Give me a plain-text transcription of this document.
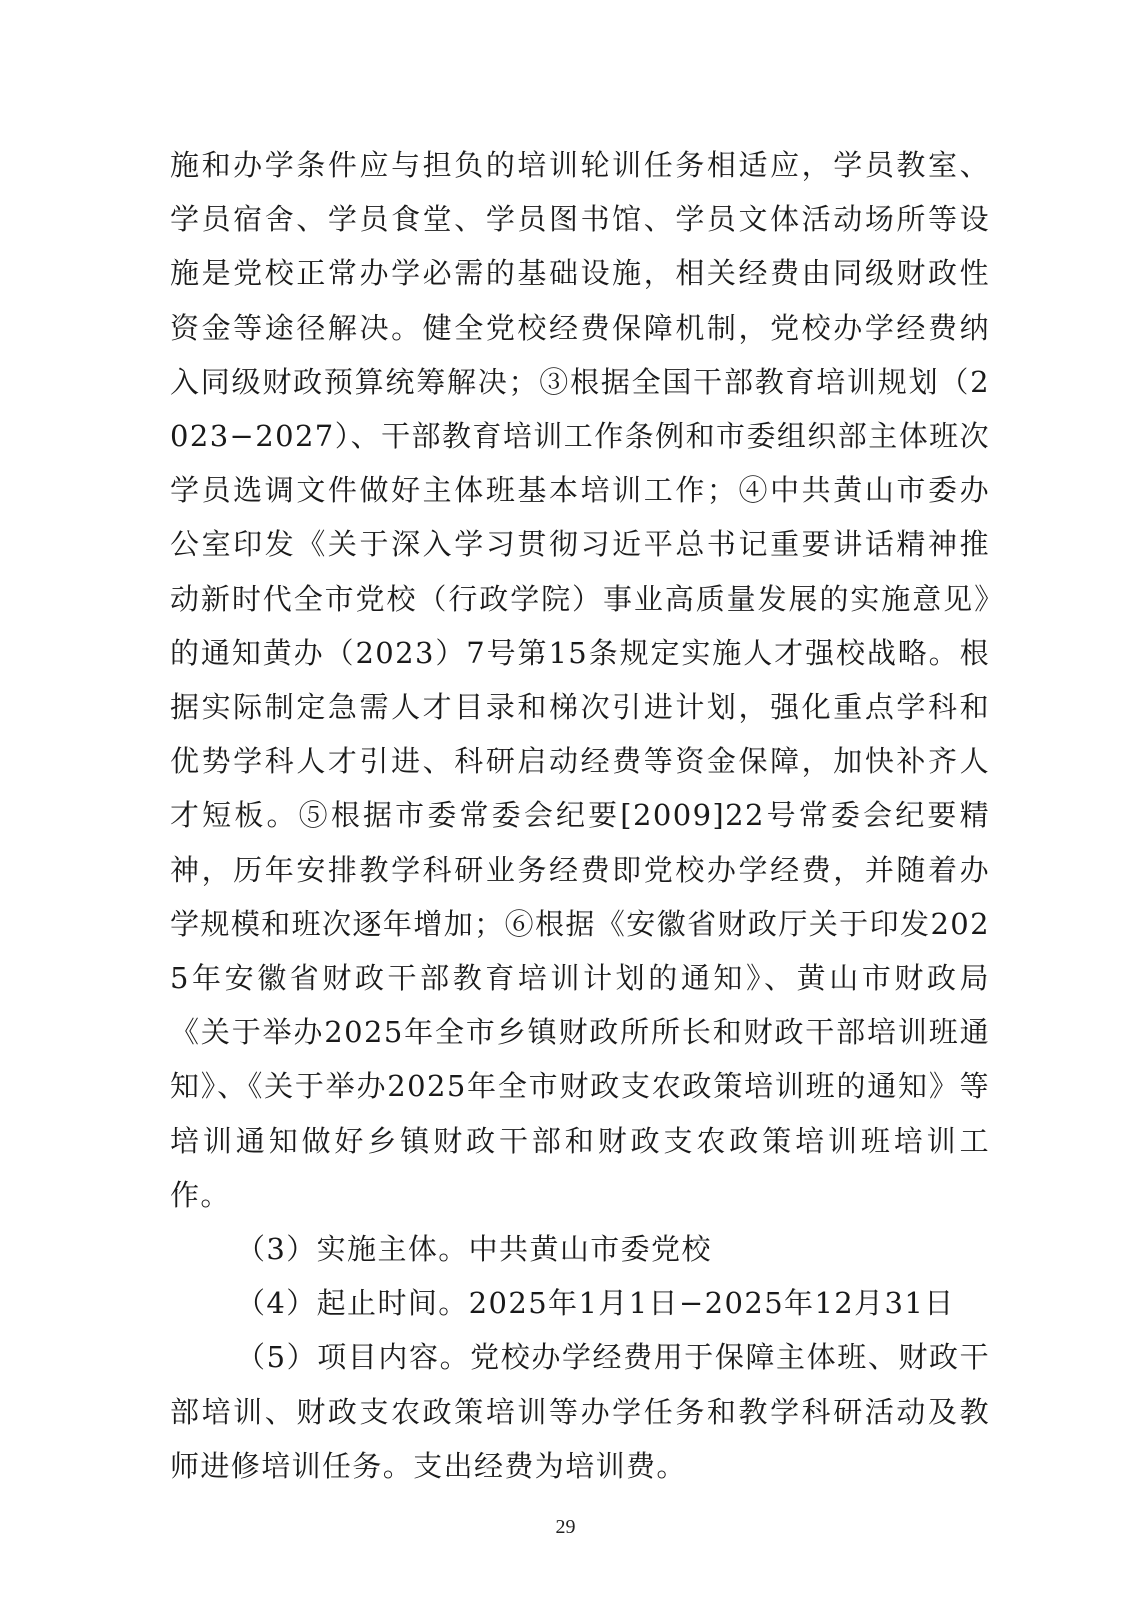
施和办学条件应与担负的培训轮训任务相适应，学员教室、学员宿舍、学员食堂、学员图书馆、学员文体活动场所等设施是党校正常办学必需的基础设施，相关经费由同级财政性资金等途径解决。健全党校经费保障机制，党校办学经费纳入同级财政预算统筹解决；③根据全国干部教育培训规划（2023−2027）、干部教育培训工作条例和市委组织部主体班次学员选调文件做好主体班基本培训工作；④中共黄山市委办公室印发《关于深入学习贯彻习近平总书记重要讲话精神推动新时代全市党校（行政学院）事业高质量发展的实施意见》的通知黄办（2023）7号第15条规定实施人才强校战略。根据实际制定急需人才目录和梯次引进计划，强化重点学科和优势学科人才引进、科研启动经费等资金保障，加快补齐人才短板。⑤根据市委常委会纪要[2009]22号常委会纪要精神，历年安排教学科研业务经费即党校办学经费，并随着办学规模和班次逐年增加；⑥根据《安徽省财政厅关于印发2025年安徽省财政干部教育培训计划的通知》、黄山市财政局《关于举办2025年全市乡镇财政所所长和财政干部培训班通知》、《关于举办2025年全市财政支农政策培训班的通知》等培训通知做好乡镇财政干部和财政支农政策培训班培训工作。

（3）实施主体。中共黄山市委党校

（4）起止时间。2025年1月1日−2025年12月31日

（5）项目内容。党校办学经费用于保障主体班、财政干部培训、财政支农政策培训等办学任务和教学科研活动及教师进修培训任务。支出经费为培训费。

29
